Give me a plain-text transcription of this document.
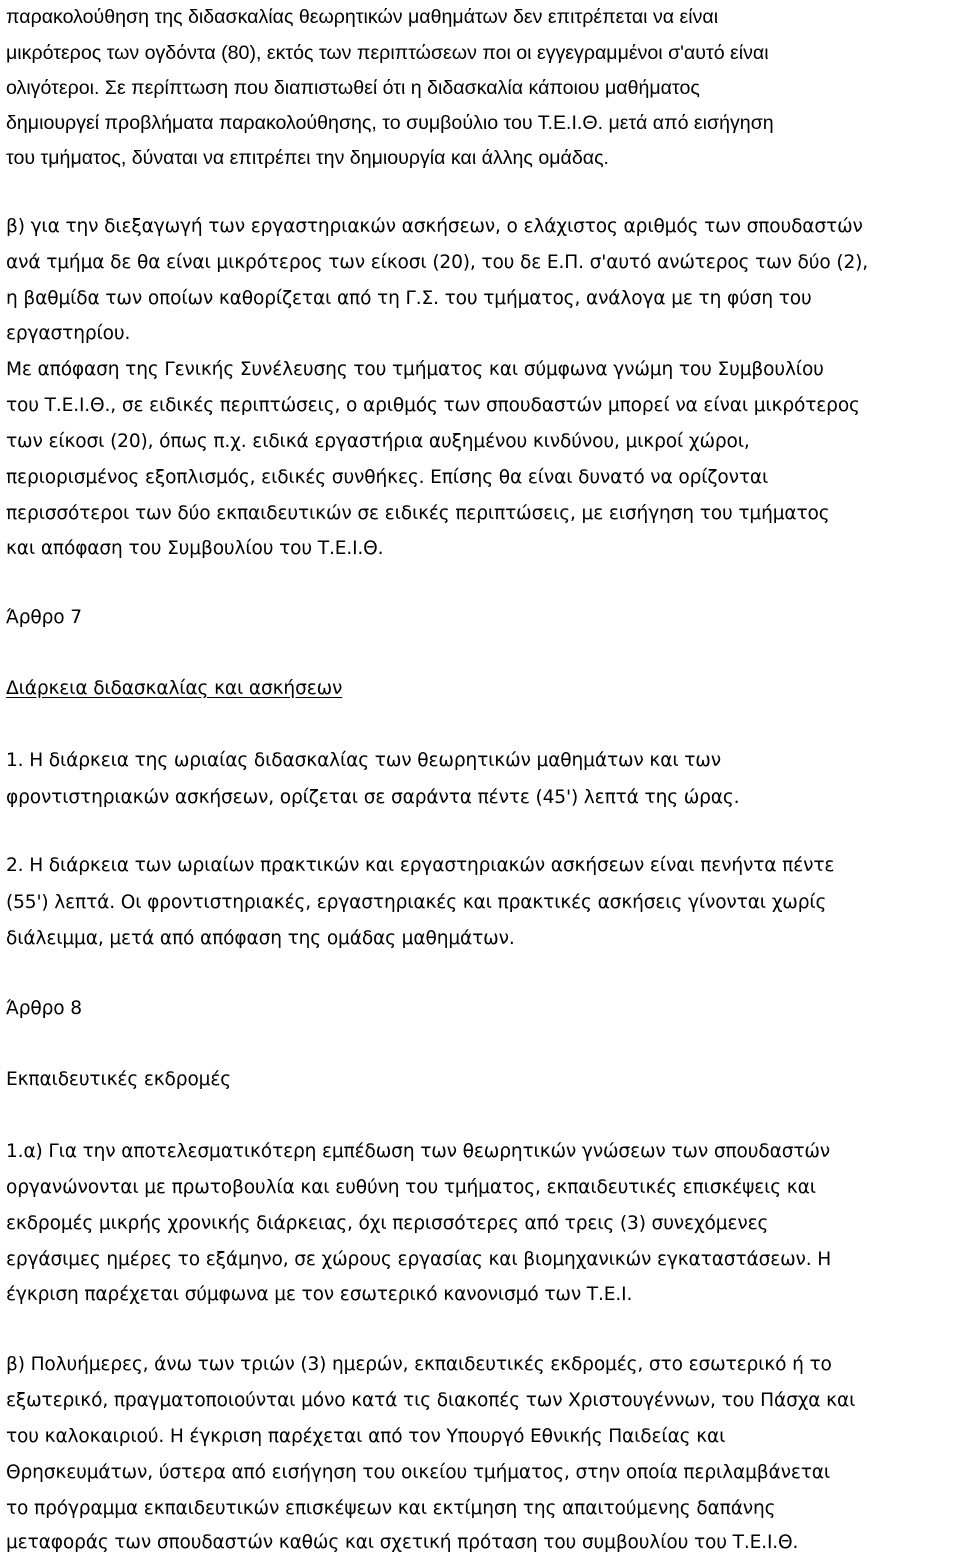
παρακολούθηση της διδασκαλίας θεωρητικών μαθημάτων δεν επιτρέπεται να είναι
μικρότερος των ογδόντα (80), εκτός των περιπτώσεων ποι οι εγγεγραμμένοι σ'αυτό είναι
ολιγότεροι. Σε περίπτωση που διαπιστωθεί ότι η διδασκαλία κάποιου μαθήματος
δημιουργεί προβλήματα παρακολούθησης, το συμβούλιο του Τ.Ε.Ι.Θ. μετά από εισήγηση
του τμήματος, δύναται να επιτρέπει την δημιουργία και άλλης ομάδας.
β) για την διεξαγωγή των εργαστηριακών ασκήσεων, ο ελάχιστος αριθμός των σπουδαστών
ανά τμήμα δε θα είναι μικρότερος των είκοσι (20), του δε Ε.Π. σ'αυτό ανώτερος των δύο (2),
η βαθμίδα των οποίων καθορίζεται από τη Γ.Σ. του τμήματος, ανάλογα με τη φύση του
εργαστηρίου.
Με απόφαση της Γενικής Συνέλευσης του τμήματος και σύμφωνα γνώμη του Συμβουλίου
του Τ.Ε.Ι.Θ., σε ειδικές περιπτώσεις, ο αριθμός των σπουδαστών μπορεί να είναι μικρότερος
των είκοσι (20), όπως π.χ. ειδικά εργαστήρια αυξημένου κινδύνου, μικροί χώροι,
περιορισμένος εξοπλισμός, ειδικές συνθήκες. Επίσης θα είναι δυνατό να ορίζονται
περισσότεροι των δύο εκπαιδευτικών σε ειδικές περιπτώσεις, με εισήγηση του τμήματος
και απόφαση του Συμβουλίου του Τ.Ε.Ι.Θ.
Άρθρο 7
Διάρκεια διδασκαλίας και ασκήσεων
1. Η διάρκεια της ωριαίας διδασκαλίας των θεωρητικών μαθημάτων και των
φροντιστηριακών ασκήσεων, ορίζεται σε σαράντα πέντε (45') λεπτά της ώρας.
2. Η διάρκεια των ωριαίων πρακτικών και εργαστηριακών ασκήσεων είναι πενήντα πέντε
(55') λεπτά. Οι φροντιστηριακές, εργαστηριακές και πρακτικές ασκήσεις γίνονται χωρίς
διάλειμμα, μετά από απόφαση της ομάδας μαθημάτων.
Άρθρο 8
Εκπαιδευτικές εκδρομές
1.α) Για την αποτελεσματικότερη εμπέδωση των θεωρητικών γνώσεων των σπουδαστών
οργανώνονται με πρωτοβουλία και ευθύνη του τμήματος, εκπαιδευτικές επισκέψεις και
εκδρομές μικρής χρονικής διάρκειας, όχι περισσότερες από τρεις (3) συνεχόμενες
εργάσιμες ημέρες το εξάμηνο, σε χώρους εργασίας και βιομηχανικών εγκαταστάσεων. Η
έγκριση παρέχεται σύμφωνα με τον εσωτερικό κανονισμό των Τ.Ε.Ι.
β) Πολυήμερες, άνω των τριών (3) ημερών, εκπαιδευτικές εκδρομές, στο εσωτερικό ή το
εξωτερικό, πραγματοποιούνται μόνο κατά τις διακοπές των Χριστουγέννων, του Πάσχα και
του καλοκαιριού. Η έγκριση παρέχεται από τον Υπουργό Εθνικής Παιδείας και
Θρησκευμάτων, ύστερα από εισήγηση του οικείου τμήματος, στην οποία περιλαμβάνεται
το πρόγραμμα εκπαιδευτικών επισκέψεων και εκτίμηση της απαιτούμενης δαπάνης
μεταφοράς των σπουδαστών καθώς και σχετική πρόταση του συμβουλίου του Τ.Ε.Ι.Θ.
